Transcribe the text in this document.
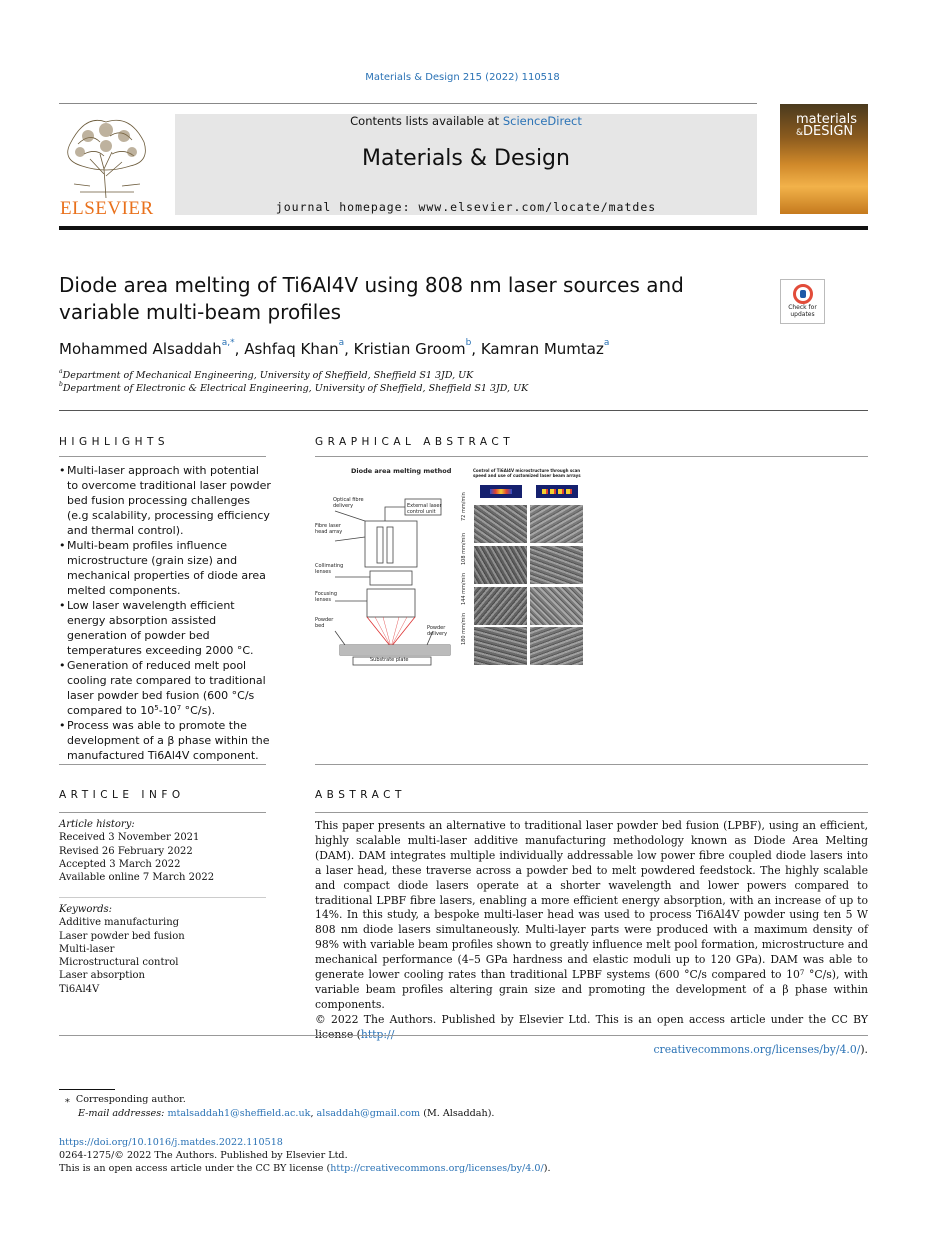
Materials & Design 215 (2022) 110518
ELSEVIER
Contents lists available at ScienceDirect
Materials & Design
journal homepage: www.elsevier.com/locate/matdes
materials
&DESIGN
Diode area melting of Ti6Al4V using 808 nm laser sources and variable multi-beam profiles	Check for
updates
Mohammed Alsaddah$^{a,*}$, Ashfaq Khan$^a$, Kristian Groom$^b$, Kamran Mumtaz$^a$
$^a$Department of Mechanical Engineering, University of Sheffield, Sheffield S1 3JD, UK
$^b$Department of Electronic & Electrical Engineering, University of Sheffield, Sheffield S1 3JD, UK
HIGHLIGHTS
• Multi-laser approach with potential to overcome traditional laser powder bed fusion processing challenges (e.g scalability, processing efficiency and thermal control).
• Multi-beam profiles influence microstructure (grain size) and mechanical properties of diode area melted components.
• Low laser wavelength efficient energy absorption assisted generation of powder bed temperatures exceeding 2000 °C.
• Generation of reduced melt pool cooling rate compared to traditional laser powder bed fusion (600 °C/s compared to $10^5-10^7$ °C/s).
• Process was able to promote the development of a β phase within the manufactured Ti6Al4V component.
GRAPHICAL ABSTRACT
Diode area melting method	Control of Ti6Al4V microstructure through scan speed and use of customized laser beam arrays
Optical fibre delivery	External laser control unit
Fibre laser head array
Collimating lenses
Focusing lenses
Powder bed	Powder delivery
Substrate plate
72 mm/min
108 mm/min
144 mm/min
180 mm/min
ARTICLE INFO
Article history:
Received 3 November 2021
Revised 26 February 2022
Accepted 3 March 2022
Available online 7 March 2022
Keywords:
Additive manufacturing
Laser powder bed fusion
Multi-laser
Microstructural control
Laser absorption
Ti6Al4V
ABSTRACT
This paper presents an alternative to traditional laser powder bed fusion (LPBF), using an efficient, highly scalable multi-laser additive manufacturing methodology known as Diode Area Melting (DAM). DAM integrates multiple individually addressable low power fibre coupled diode lasers into a laser head, these traverse across a powder bed to melt powdered feedstock. The highly scalable and compact diode lasers operate at a shorter wavelength and lower powers compared to traditional LPBF fibre lasers, enabling a more efficient energy absorption, with an increase of up to 14%. In this study, a bespoke multi-laser head was used to process Ti6Al4V powder using ten 5 W 808 nm diode lasers simultaneously. Multi-layer parts were produced with a maximum density of 98% with variable beam profiles shown to greatly influence melt pool formation, microstructure and mechanical performance (4–5 GPa hardness and elastic moduli up to 120 GPa). DAM was able to generate lower cooling rates than traditional LPBF systems (600 °C/s compared to $10^7$ °C/s), with variable beam profiles altering grain size and promoting the development of a β phase within components.
© 2022 The Authors. Published by Elsevier Ltd. This is an open access article under the CC BY
creativecommons.org/licenses/by/4.0/).
⁎ Corresponding author.
E-mail addresses: mtalsaddah1@sheffield.ac.uk, alsaddah@gmail.com (M. Alsaddah).
https://doi.org/10.1016/j.matdes.2022.110518
0264-1275/© 2022 The Authors. Published by Elsevier Ltd.
This is an open access article under the CC BY license (http://creativecommons.org/licenses/by/4.0/).
